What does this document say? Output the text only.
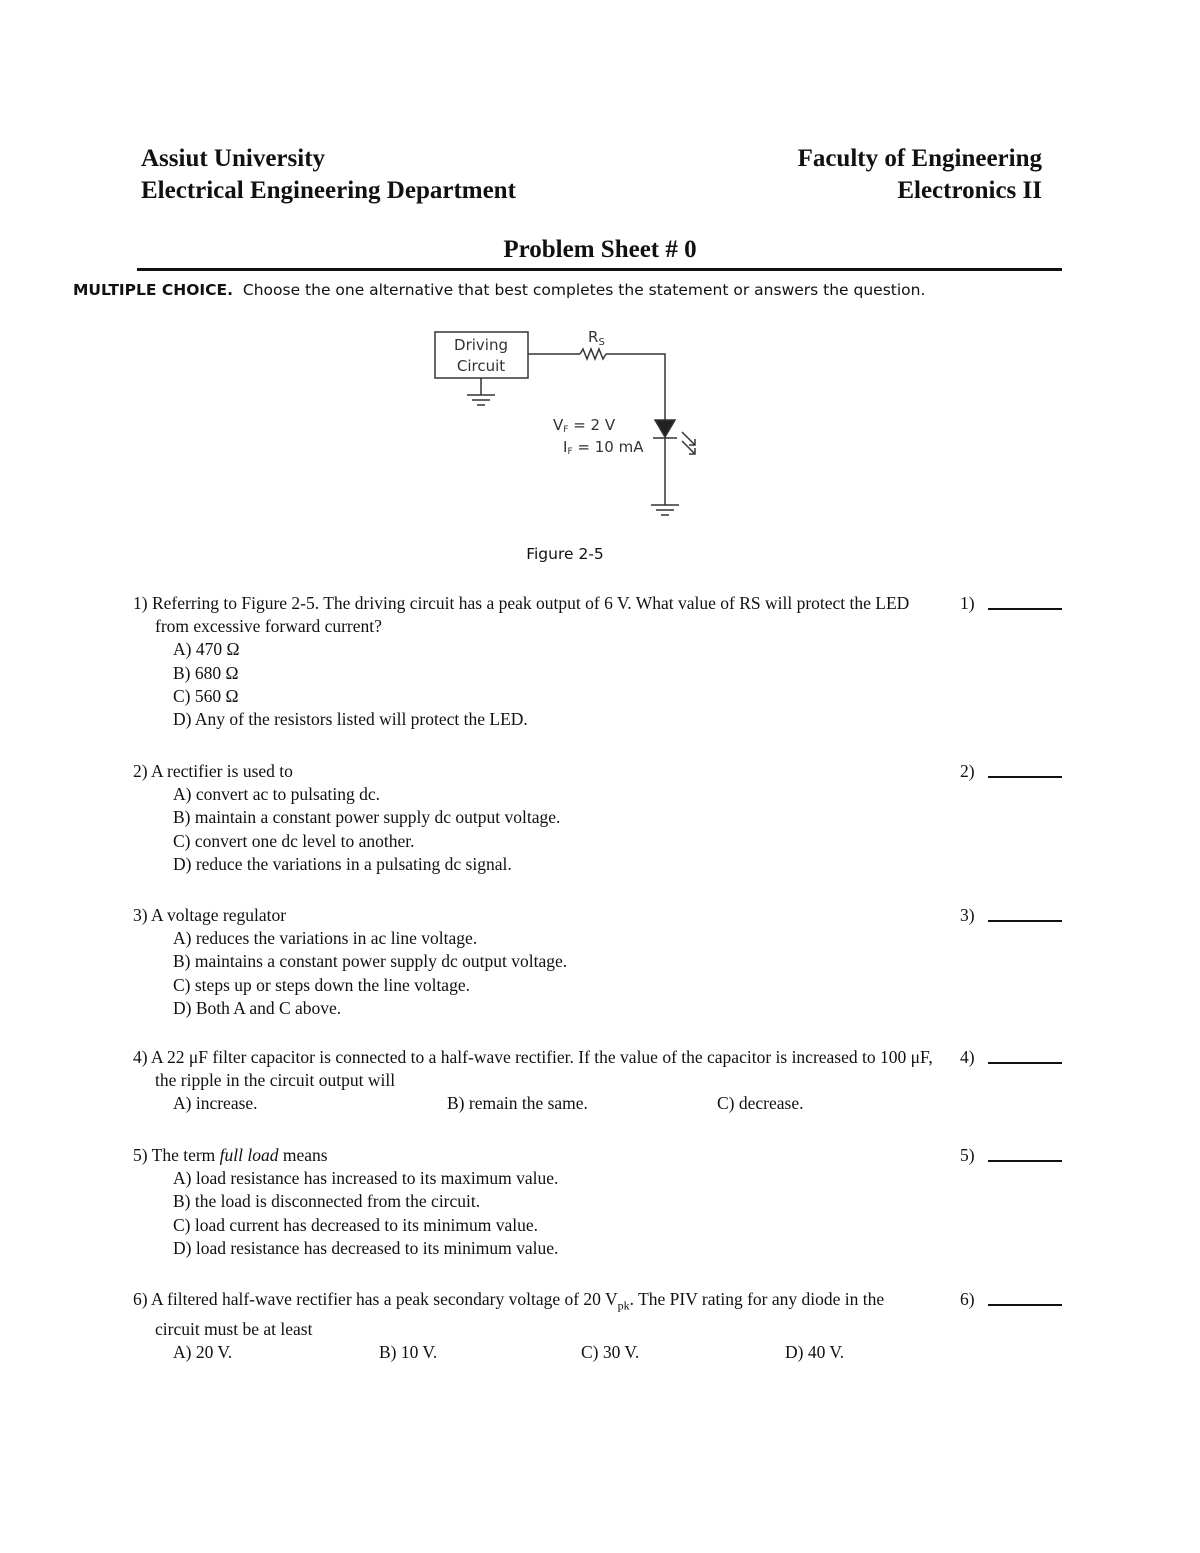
Assiut University
Electrical Engineering Department
Faculty of Engineering
Electronics II
Problem Sheet # 0
MULTIPLE CHOICE. Choose the one alternative that best completes the statement or answers the question.
Driving
Circuit
$R_S$
VF = 2 V
IF = 10 mA
Figure 2-5
1) Referring to Figure 2-5. The driving circuit has a peak output of 6 V. What value of RS will protect the LED from excessive forward current?
A) 470 Ω
B) 680 Ω
C) 560 Ω
D) Any of the resistors listed will protect the LED.
1)
2) A rectifier is used to
A) convert ac to pulsating dc.
B) maintain a constant power supply dc output voltage.
C) convert one dc level to another.
D) reduce the variations in a pulsating dc signal.
2)
3) A voltage regulator
A) reduces the variations in ac line voltage.
B) maintains a constant power supply dc output voltage.
C) steps up or steps down the line voltage.
D) Both A and C above.
3)
4) A 22 μF filter capacitor is connected to a half-wave rectifier. If the value of the capacitor is increased to 100 μF, the ripple in the circuit output will
A) increase.	B) remain the same.	C) decrease.
4)
5) The term full load means
A) load resistance has increased to its maximum value.
B) the load is disconnected from the circuit.
C) load current has decreased to its minimum value.
D) load resistance has decreased to its minimum value.
5)
6) A filtered half-wave rectifier has a peak secondary voltage of 20 $V_{pk}$. The PIV rating for any diode in the circuit must be at least
A) 20 V.	B) 10 V.	C) 30 V.	D) 40 V.
6)
